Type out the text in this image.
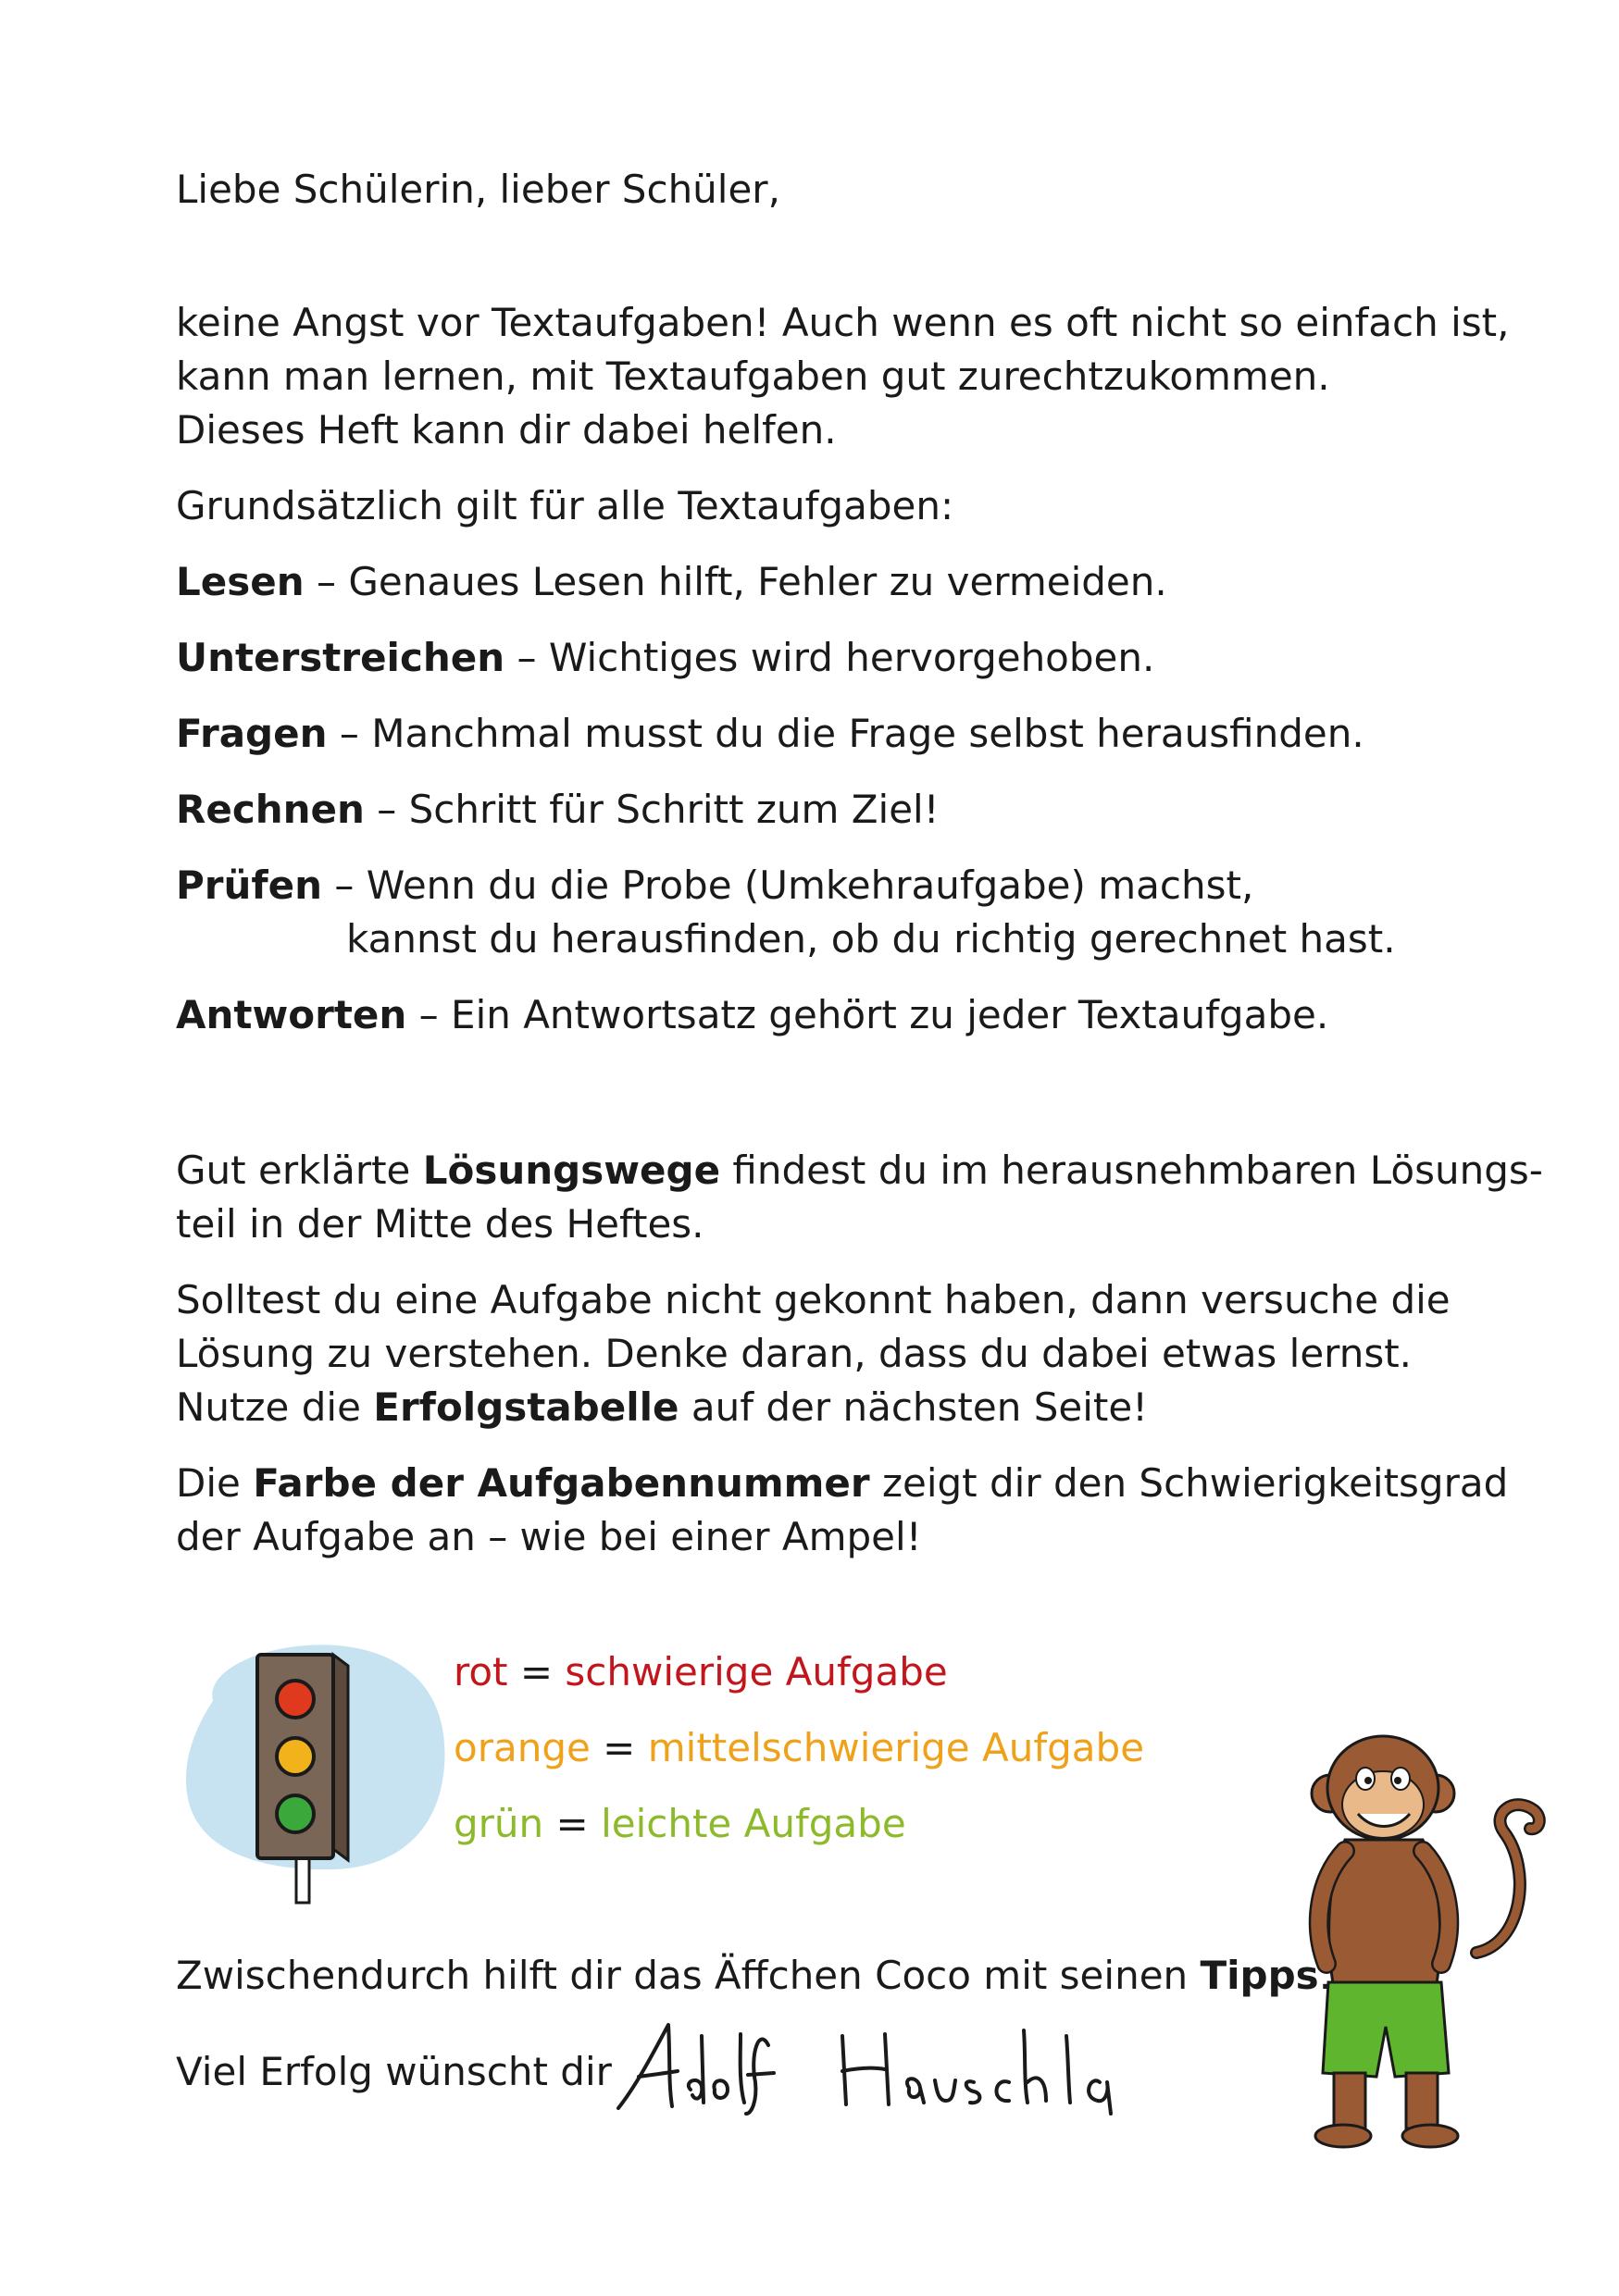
Liebe Schülerin, lieber Schüler,
keine Angst vor Textaufgaben! Auch wenn es oft nicht so einfach ist,
kann man lernen, mit Textaufgaben gut zurechtzukommen.
Dieses Heft kann dir dabei helfen.
Grundsätzlich gilt für alle Textaufgaben:
Lesen – Genaues Lesen hilft, Fehler zu vermeiden.
Unterstreichen – Wichtiges wird hervorgehoben.
Fragen – Manchmal musst du die Frage selbst herausfinden.
Rechnen – Schritt für Schritt zum Ziel!
Prüfen – Wenn du die Probe (Umkehraufgabe) machst,
kannst du herausfinden, ob du richtig gerechnet hast.
Antworten – Ein Antwortsatz gehört zu jeder Textaufgabe.
Gut erklärte Lösungswege findest du im herausnehmbaren Lösungs-
teil in der Mitte des Heftes.
Solltest du eine Aufgabe nicht gekonnt haben, dann versuche die
Lösung zu verstehen. Denke daran, dass du dabei etwas lernst.
Nutze die Erfolgstabelle auf der nächsten Seite!
Die Farbe der Aufgabennummer zeigt dir den Schwierigkeitsgrad
der Aufgabe an – wie bei einer Ampel!
rot = schwierige Aufgabe
orange = mittelschwierige Aufgabe
grün = leichte Aufgabe
Zwischendurch hilft dir das Äffchen Coco mit seinen Tipps.
Viel Erfolg wünscht dir
